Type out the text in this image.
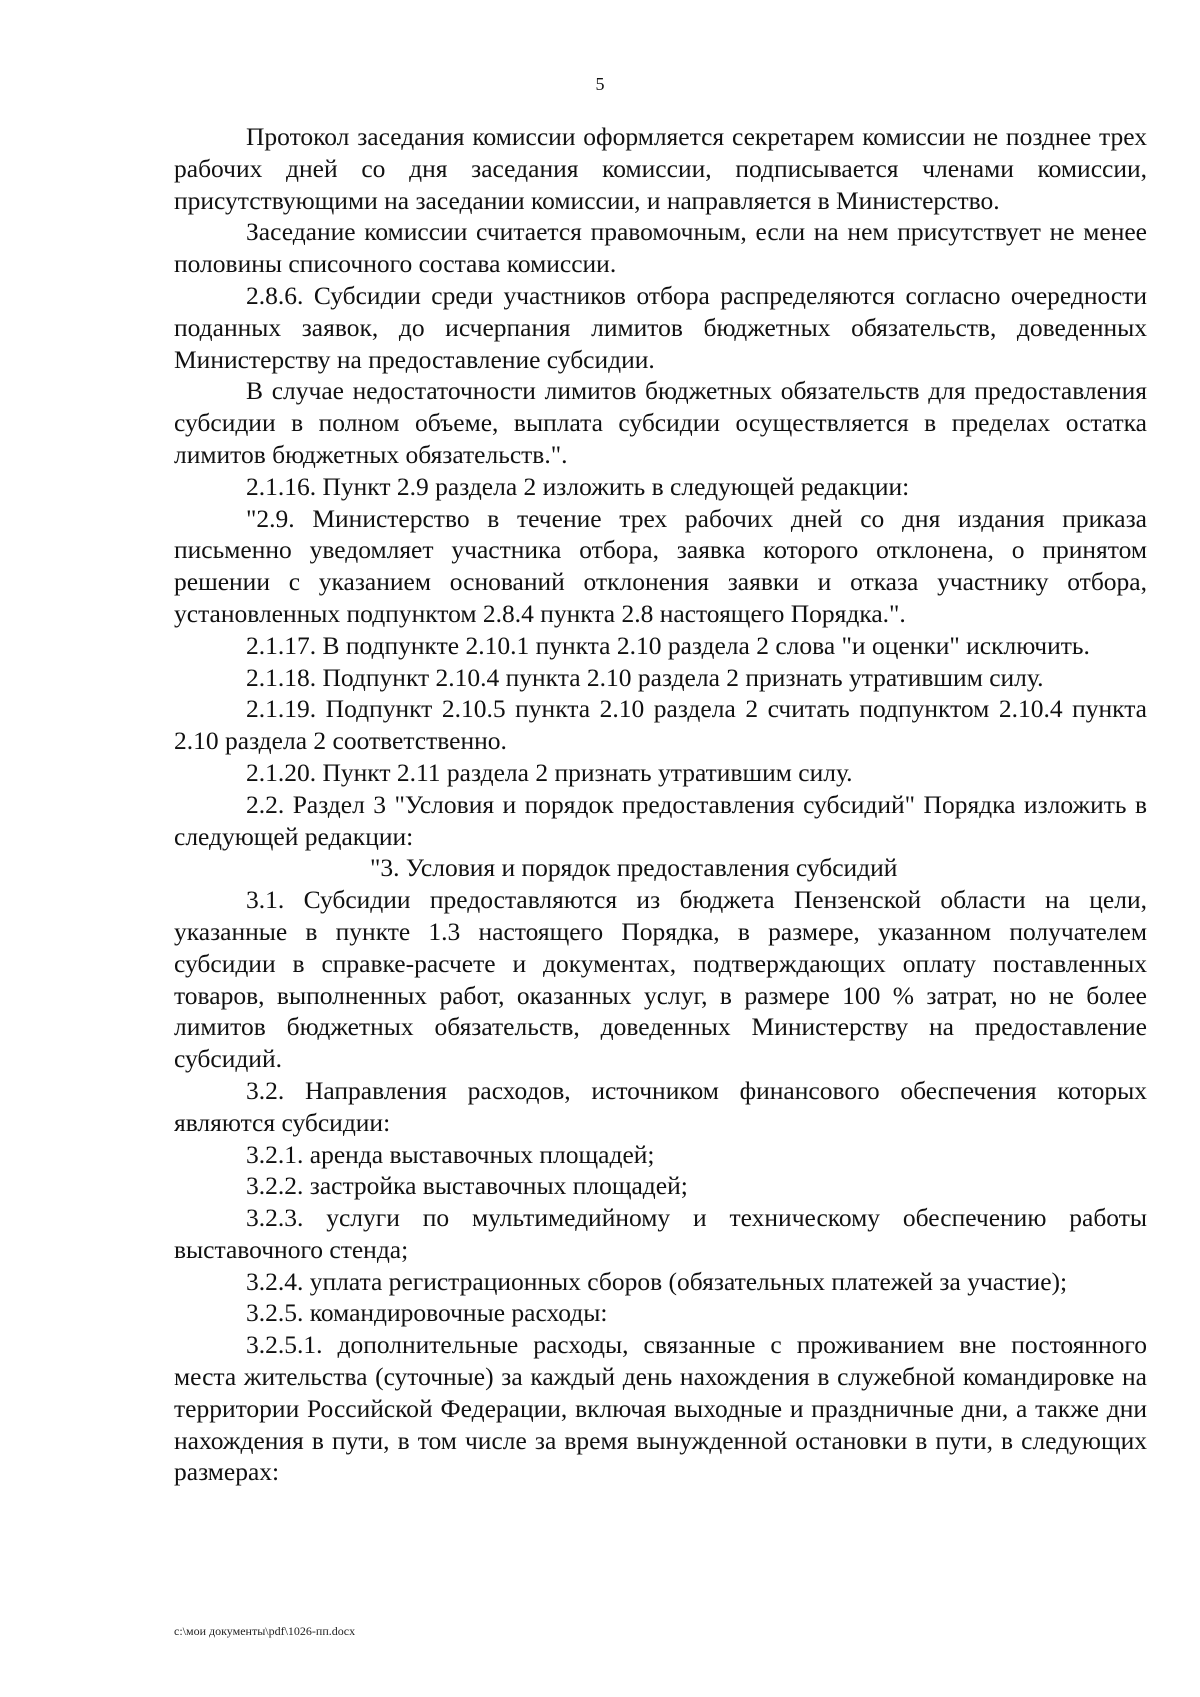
5

Протокол заседания комиссии оформляется секретарем комиссии не позднее трех рабочих дней со дня заседания комиссии, подписывается членами комиссии, присутствующими на заседании комиссии, и направляется в Министерство.

Заседание комиссии считается правомочным, если на нем присутствует не менее половины списочного состава комиссии.

2.8.6. Субсидии среди участников отбора распределяются согласно очередности поданных заявок, до исчерпания лимитов бюджетных обязательств, доведенных Министерству на предоставление субсидии.

В случае недостаточности лимитов бюджетных обязательств для предоставления субсидии в полном объеме, выплата субсидии осуществляется в пределах остатка лимитов бюджетных обязательств.".

2.1.16. Пункт 2.9 раздела 2 изложить в следующей редакции:

"2.9. Министерство в течение трех рабочих дней со дня издания приказа письменно уведомляет участника отбора, заявка которого отклонена, о принятом решении с указанием оснований отклонения заявки и отказа участнику отбора, установленных подпунктом 2.8.4 пункта 2.8 настоящего Порядка.".

2.1.17. В подпункте 2.10.1 пункта 2.10 раздела 2 слова "и оценки" исключить.

2.1.18. Подпункт 2.10.4 пункта 2.10 раздела 2 признать утратившим силу.

2.1.19. Подпункт 2.10.5 пункта 2.10 раздела 2 считать подпунктом 2.10.4 пункта 2.10 раздела 2 соответственно.

2.1.20. Пункт 2.11 раздела 2 признать утратившим силу.

2.2. Раздел 3 "Условия и порядок предоставления субсидий" Порядка изложить в следующей редакции:

"3. Условия и порядок предоставления субсидий

3.1. Субсидии предоставляются из бюджета Пензенской области на цели, указанные в пункте 1.3 настоящего Порядка, в размере, указанном получателем субсидии в справке-расчете и документах, подтверждающих оплату поставленных товаров, выполненных работ, оказанных услуг, в размере 100 % затрат, но не более лимитов бюджетных обязательств, доведенных Министерству на предоставление субсидий.

3.2. Направления расходов, источником финансового обеспечения которых являются субсидии:

3.2.1. аренда выставочных площадей;

3.2.2. застройка выставочных площадей;

3.2.3. услуги по мультимедийному и техническому обеспечению работы выставочного стенда;

3.2.4. уплата регистрационных сборов (обязательных платежей за участие);

3.2.5. командировочные расходы:

3.2.5.1. дополнительные расходы, связанные с проживанием вне постоянного места жительства (суточные) за каждый день нахождения в служебной командировке на территории Российской Федерации, включая выходные и праздничные дни, а также дни нахождения в пути, в том числе за время вынужденной остановки в пути, в следующих размерах:

c:\мои документы\pdf\1026-пп.docx
